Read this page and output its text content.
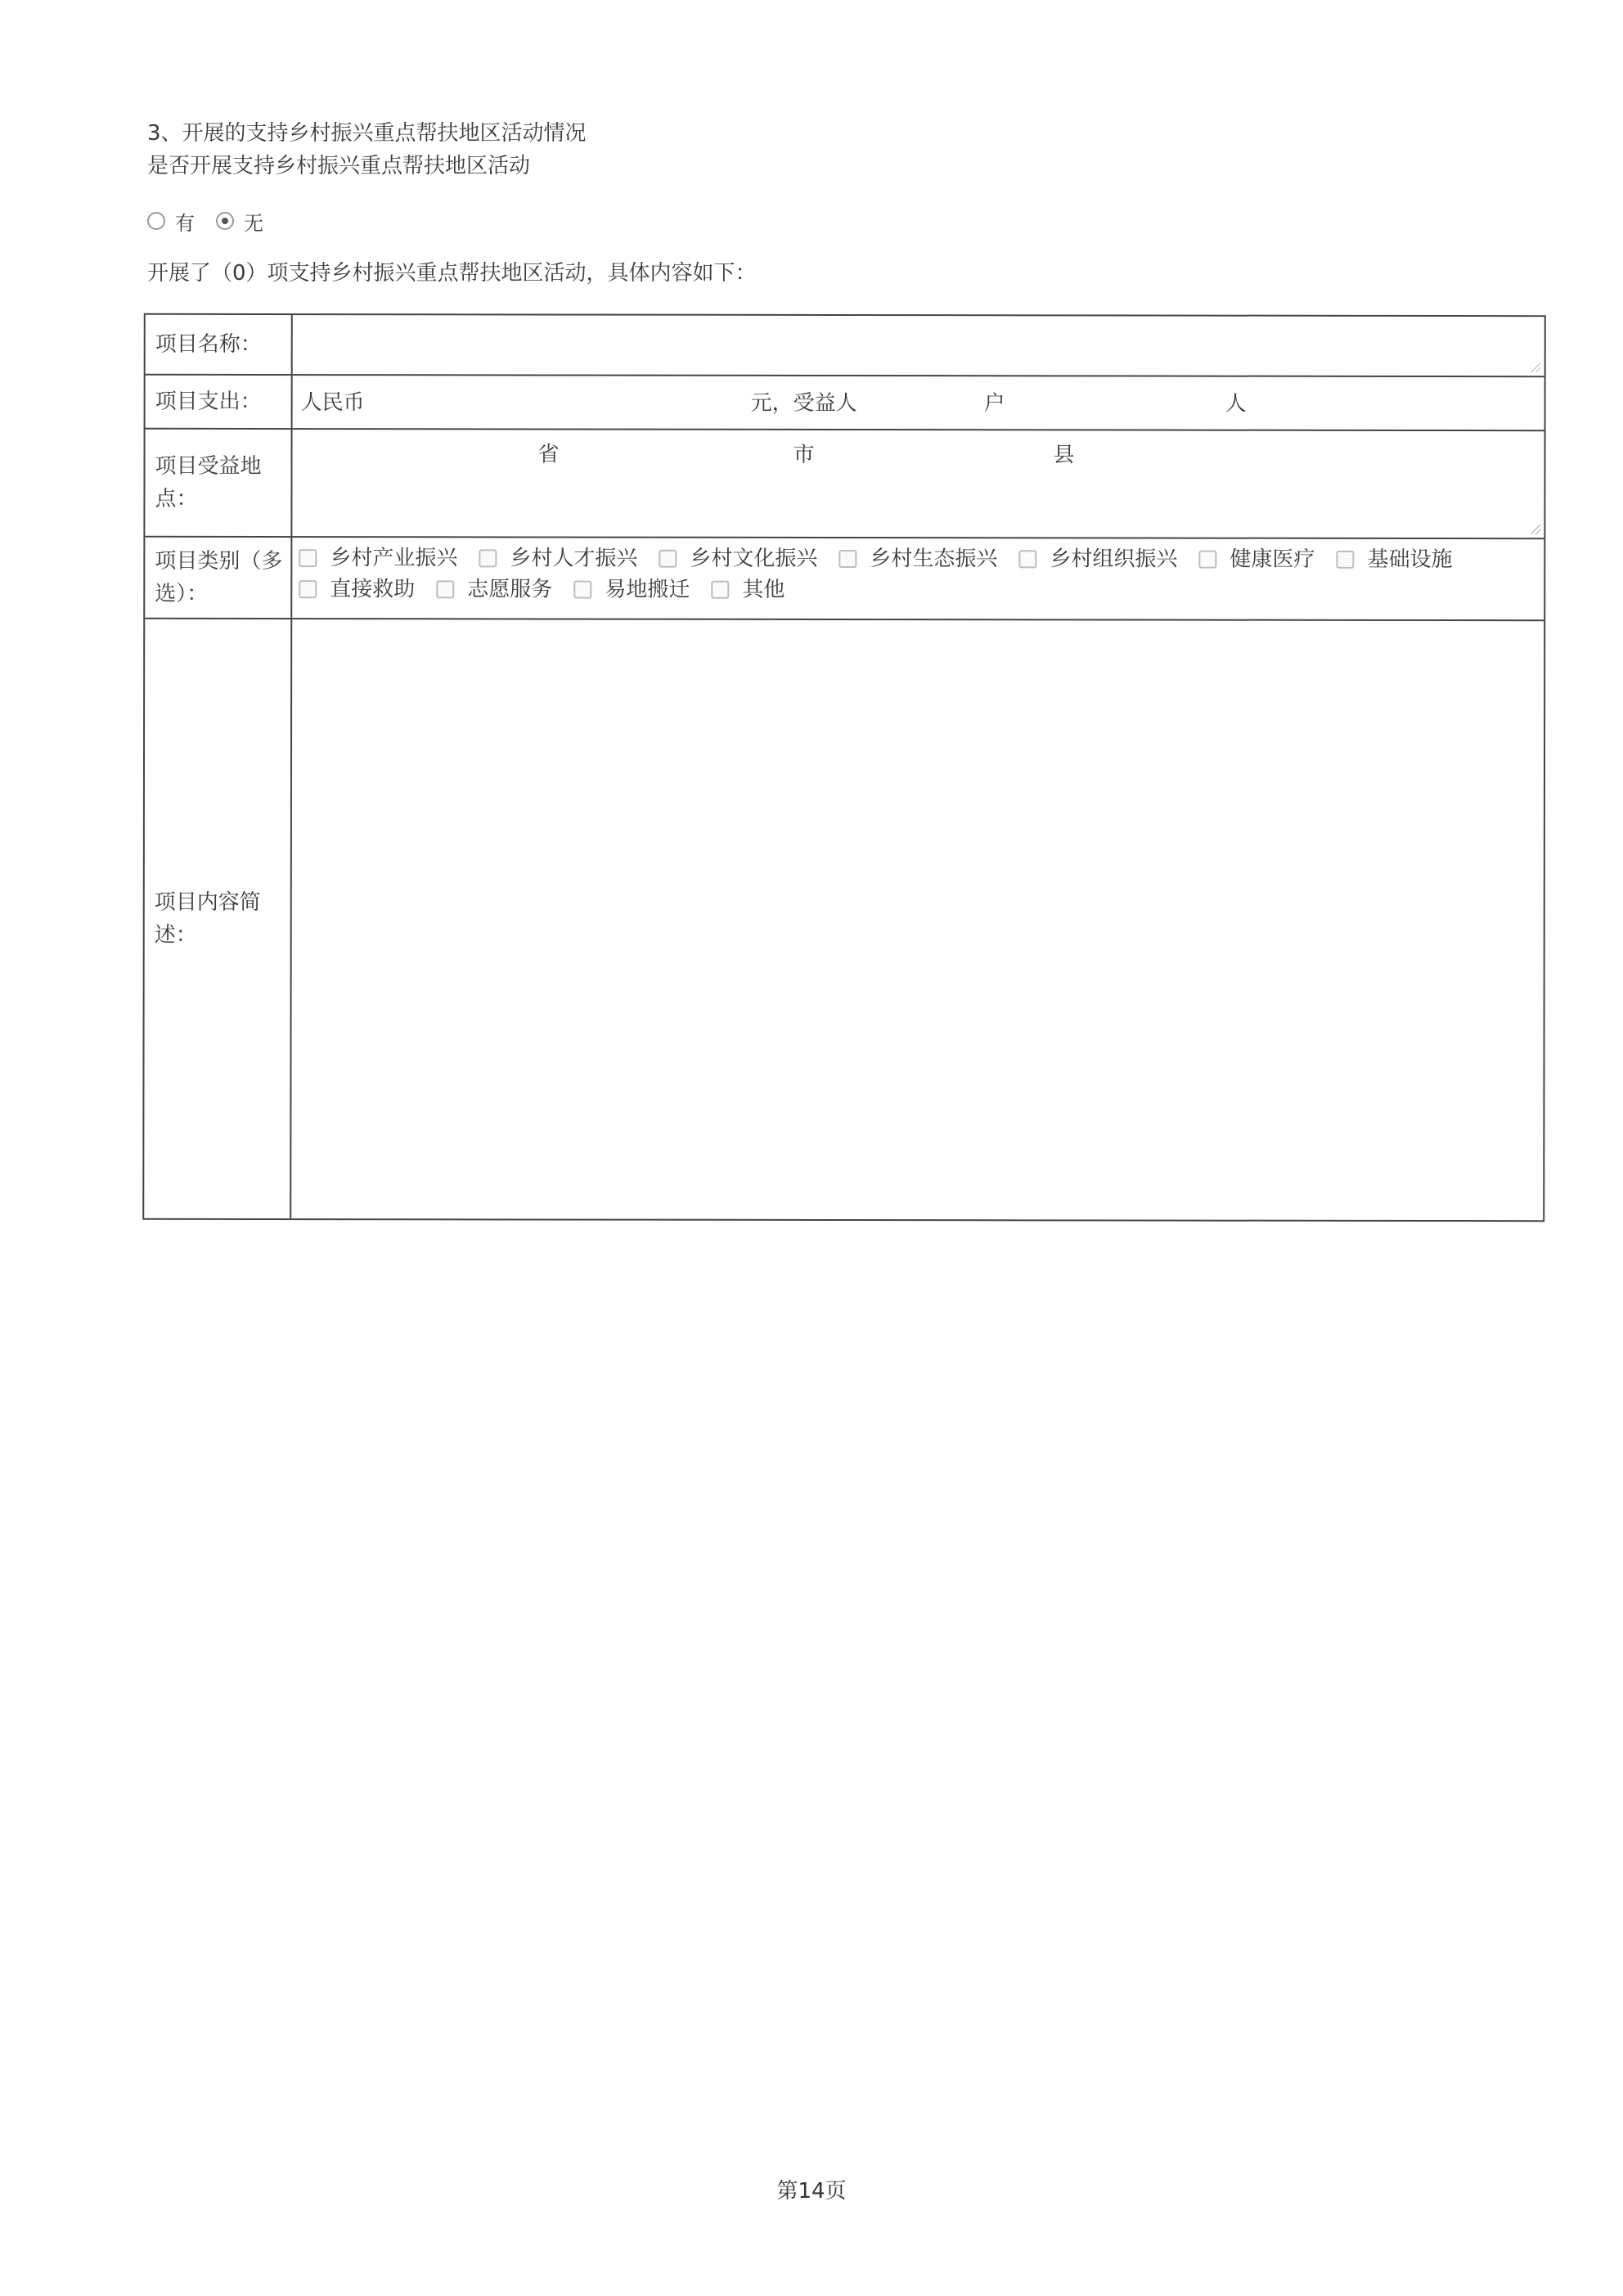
3、开展的支持乡村振兴重点帮扶地区活动情况
是否开展支持乡村振兴重点帮扶地区活动
有	无
开展了（0）项支持乡村振兴重点帮扶地区活动，具体内容如下：
项目名称：
项目支出：	人民币	元，受益人	户	人
项目受益地点：
省	市	县
项目类别（多选）：
乡村产业振兴 乡村人才振兴 乡村文化振兴 乡村生态振兴 乡村组织振兴 健康医疗 基础设施
直接救助 志愿服务 易地搬迁 其他
项目内容简述：
第14页
